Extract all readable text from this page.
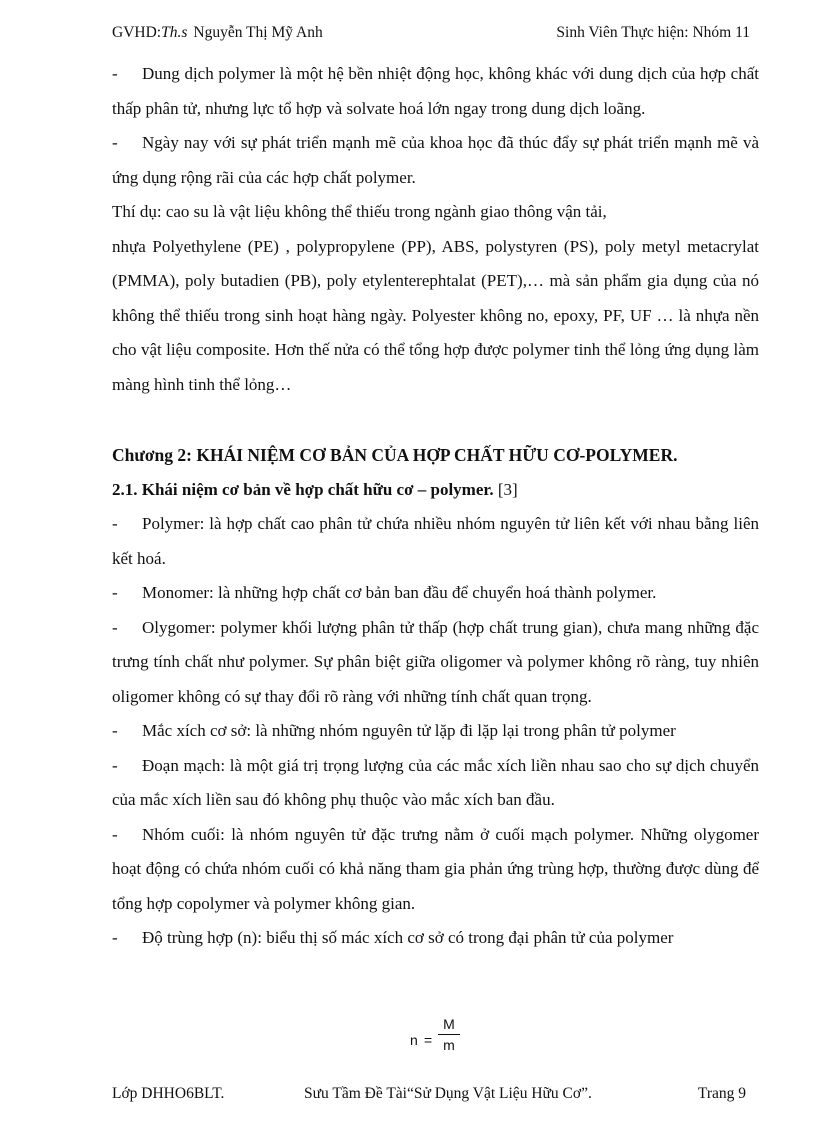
GVHD:Th.s Nguyễn Thị Mỹ Anh	Sinh Viên Thực hiện: Nhóm 11

- Dung dịch polymer là một hệ bền nhiệt động học, không khác với dung dịch của hợp chất thấp phân tử, nhưng lực tổ hợp và solvate hoá lớn ngay trong dung dịch loãng.

- Ngày nay với sự phát triển mạnh mẽ của khoa học đã thúc đẩy sự phát triển mạnh mẽ và ứng dụng rộng rãi của các hợp chất polymer.

Thí dụ: cao su là vật liệu không thể thiếu trong ngành giao thông vận tải,

nhựa Polyethylene (PE) , polypropylene (PP), ABS, polystyren (PS), poly metyl metacrylat (PMMA), poly butadien (PB), poly etylenterephtalat (PET),… mà sản phẩm gia dụng của nó không thể thiếu trong sinh hoạt hàng ngày. Polyester không no, epoxy, PF, UF … là nhựa nền cho vật liệu composite. Hơn thế nửa có thể tổng hợp được polymer tinh thể lỏng ứng dụng làm màng hình tinh thể lỏng…

Chương 2: KHÁI NIỆM CƠ BẢN CỦA HỢP CHẤT HỮU CƠ-POLYMER.

2.1. Khái niệm cơ bản về hợp chất hữu cơ – polymer. [3]

- Polymer: là hợp chất cao phân tử chứa nhiều nhóm nguyên tử liên kết với nhau bằng liên kết hoá.

- Monomer: là những hợp chất cơ bản ban đầu để chuyển hoá thành polymer.

- Olygomer: polymer khối lượng phân tử thấp (hợp chất trung gian), chưa mang những đặc trưng tính chất như polymer. Sự phân biệt giữa oligomer và polymer không rõ ràng, tuy nhiên oligomer không có sự thay đổi rõ ràng với những tính chất quan trọng.

- Mắc xích cơ sở: là những nhóm nguyên tử lặp đi lặp lại trong phân tử polymer

- Đoạn mạch: là một giá trị trọng lượng của các mắc xích liền nhau sao cho sự dịch chuyển của mắc xích liền sau đó không phụ thuộc vào mắc xích ban đầu.

- Nhóm cuối: là nhóm nguyên tử đặc trưng nằm ở cuối mạch polymer. Những olygomer hoạt động có chứa nhóm cuối có khả năng tham gia phản ứng trùng hợp, thường được dùng để tổng hợp copolymer và polymer không gian.

- Độ trùng hợp (n): biểu thị số mác xích cơ sở có trong đại phân tử của polymer

n =
M
m
Lớp DHHO6BLT.	Sưu Tầm Đề Tài“Sử Dụng Vật Liệu Hữu Cơ”.	Trang 9
